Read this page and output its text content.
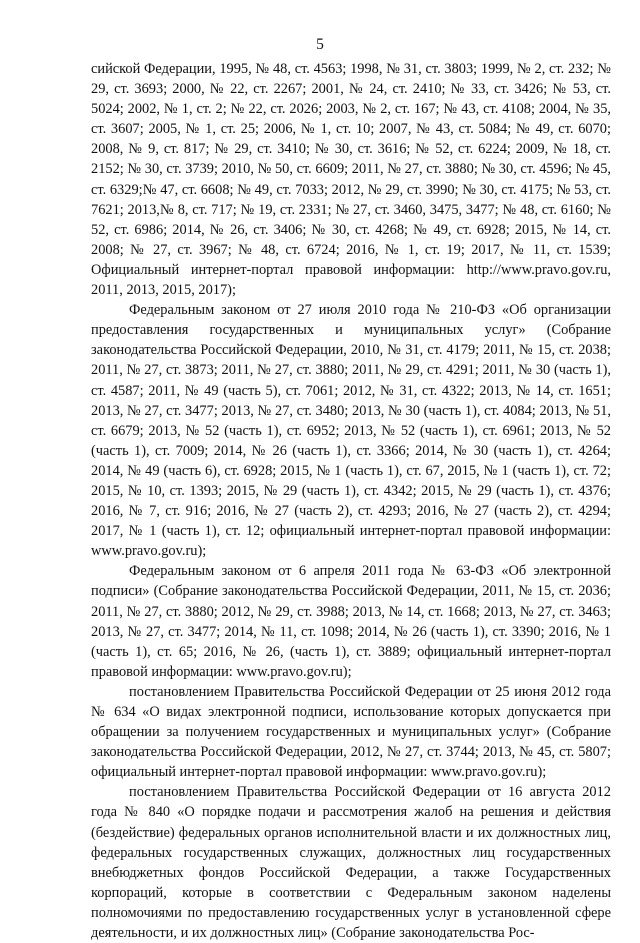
5

сийской Федерации, 1995, № 48, ст. 4563; 1998, № 31, ст. 3803; 1999, № 2, ст. 232; № 29, ст. 3693; 2000, № 22, ст. 2267; 2001, № 24, ст. 2410; № 33, ст. 3426; № 53, ст. 5024; 2002, № 1, ст. 2; № 22, ст. 2026; 2003, № 2, ст. 167; № 43, ст. 4108; 2004, № 35, ст. 3607; 2005, № 1, ст. 25; 2006, № 1, ст. 10; 2007, № 43, ст. 5084; № 49, ст. 6070; 2008, № 9, ст. 817; № 29, ст. 3410; № 30, ст. 3616; № 52, ст. 6224; 2009, № 18, ст. 2152; № 30, ст. 3739; 2010, № 50, ст. 6609; 2011, № 27, ст. 3880; № 30, ст. 4596; № 45, ст. 6329;№ 47, ст. 6608; № 49, ст. 7033; 2012, № 29, ст. 3990; № 30, ст. 4175; № 53, ст. 7621; 2013,№ 8, ст. 717; № 19, ст. 2331; № 27, ст. 3460, 3475, 3477; № 48, ст. 6160; № 52, ст. 6986; 2014, № 26, ст. 3406; № 30, ст. 4268; № 49, ст. 6928; 2015, № 14, ст. 2008; № 27, ст. 3967; № 48, ст. 6724; 2016, № 1, ст. 19; 2017, № 11, ст. 1539; Официальный интернет-портал правовой информации: http://www.pravo.gov.ru, 2011, 2013, 2015, 2017);

Федеральным законом от 27 июля 2010 года № 210-ФЗ «Об организации предоставления государственных и муниципальных услуг» (Собрание законодательства Российской Федерации, 2010, № 31, ст. 4179; 2011, № 15, ст. 2038; 2011, № 27, ст. 3873; 2011, № 27, ст. 3880; 2011, № 29, ст. 4291; 2011, № 30 (часть 1), ст. 4587; 2011, № 49 (часть 5), ст. 7061; 2012, № 31, ст. 4322; 2013, № 14, ст. 1651; 2013, № 27, ст. 3477; 2013, № 27, ст. 3480; 2013, № 30 (часть 1), ст. 4084; 2013, № 51, ст. 6679; 2013, № 52 (часть 1), ст. 6952; 2013, № 52 (часть 1), ст. 6961; 2013, № 52 (часть 1), ст. 7009; 2014, № 26 (часть 1), ст. 3366; 2014, № 30 (часть 1), ст. 4264; 2014, № 49 (часть 6), ст. 6928; 2015, № 1 (часть 1), ст. 67, 2015, № 1 (часть 1), ст. 72; 2015, № 10, ст. 1393; 2015, № 29 (часть 1), ст. 4342; 2015, № 29 (часть 1), ст. 4376; 2016, № 7, ст. 916; 2016, № 27 (часть 2), ст. 4293; 2016, № 27 (часть 2), ст. 4294; 2017, № 1 (часть 1), ст. 12; официальный интернет-портал правовой информации: www.pravo.gov.ru);

Федеральным законом от 6 апреля 2011 года № 63-ФЗ «Об электронной подписи» (Собрание законодательства Российской Федерации, 2011, № 15, ст. 2036; 2011, № 27, ст. 3880; 2012, № 29, ст. 3988; 2013, № 14, ст. 1668; 2013, № 27, ст. 3463; 2013, № 27, ст. 3477; 2014, № 11, ст. 1098; 2014, № 26 (часть 1), ст. 3390; 2016, № 1 (часть 1), ст. 65; 2016, № 26, (часть 1), ст. 3889; официальный интернет-портал правовой информации: www.pravo.gov.ru);

постановлением Правительства Российской Федерации от 25 июня 2012 года № 634 «О видах электронной подписи, использование которых допускается при обращении за получением государственных и муниципальных услуг» (Собрание законодательства Российской Федерации, 2012, № 27, ст. 3744; 2013, № 45, ст. 5807; официальный интернет-портал правовой информации: www.pravo.gov.ru);

постановлением Правительства Российской Федерации от 16 августа 2012 года № 840 «О порядке подачи и рассмотрения жалоб на решения и действия (бездействие) федеральных органов исполнительной власти и их должностных лиц, федеральных государственных служащих, должностных лиц государственных внебюджетных фондов Российской Федерации, а также Государственных корпораций, которые в соответствии с Федеральным законом наделены полномочиями по предоставлению государственных услуг в установленной сфере деятельности, и их должностных лиц» (Собрание законодательства Рос-
